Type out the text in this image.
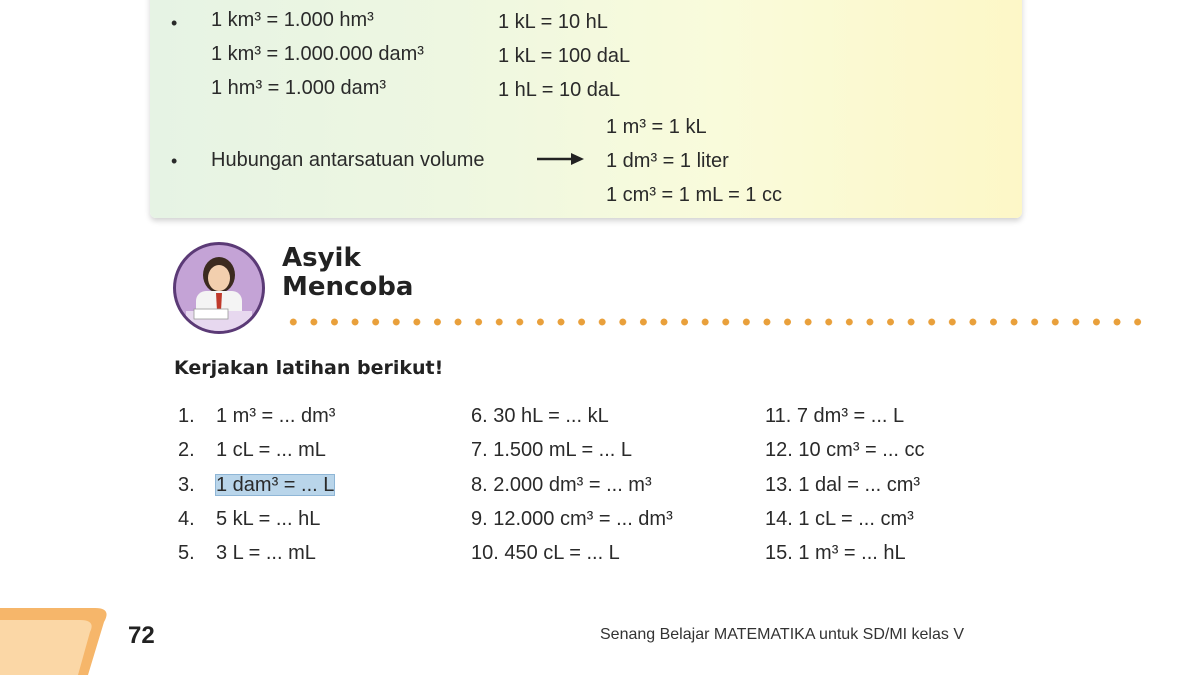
• 1 km³ = 1.000 hm³
1 km³ = 1.000.000 dam³
1 hm³ = 1.000 dam³
1 kL = 10 hL
1 kL = 100 daL
1 hL = 10 daL
• Hubungan antarsatuan volume
1 m³ = 1 kL
1 dm³ = 1 liter
1 cm³ = 1 mL = 1 cc
Asyik
Mencoba
Kerjakan latihan berikut!
1. 1 m³ = ... dm³
2. 1 cL = ... mL
3. 1 dam³ = ... L
4. 5 kL = ... hL
5. 3 L = ... mL
6. 30 hL = ... kL
7. 1.500 mL = ... L
8. 2.000 dm³ = ... m³
9. 12.000 cm³ = ... dm³
10. 450 cL = ... L
11. 7 dm³ = ... L
12. 10 cm³ = ... cc
13. 1 dal = ... cm³
14. 1 cL = ... cm³
15. 1 m³ = ... hL
72	Senang Belajar MATEMATIKA untuk SD/MI kelas V
